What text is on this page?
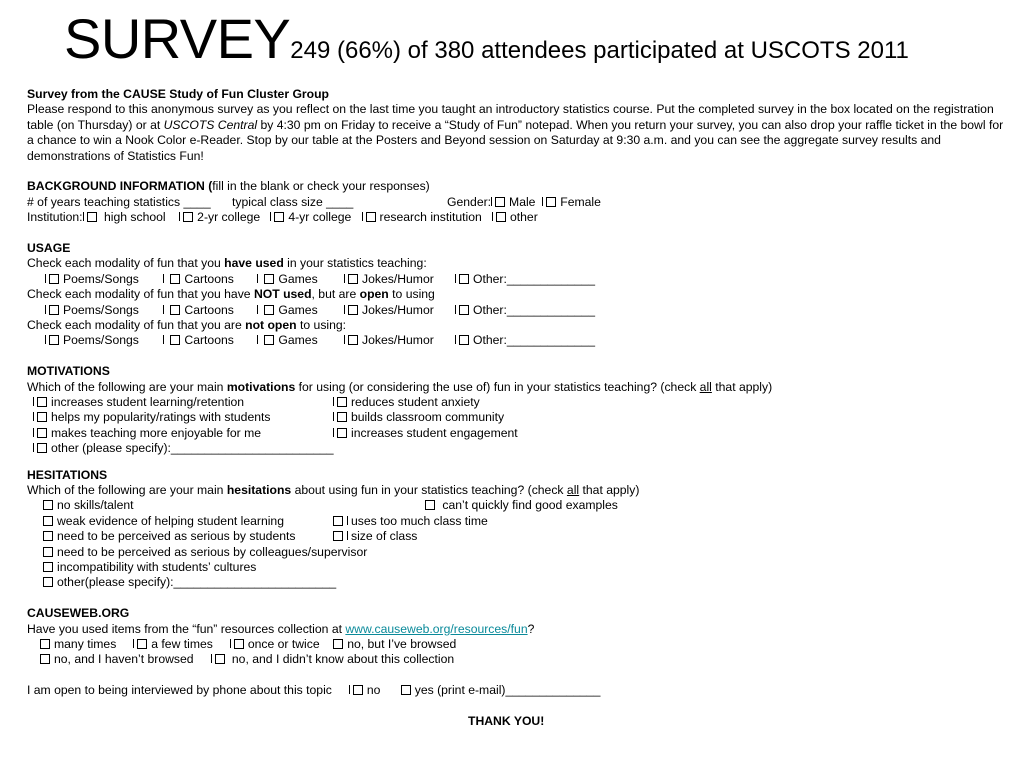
SURVEY249 (66%) of 380 attendees participated at USCOTS 2011
Survey from the CAUSE Study of Fun Cluster Group
Please respond to this anonymous survey as you reflect on the last time you taught an introductory statistics course. Put the completed survey in the box located on the registration table (on Thursday) or at USCOTS Central by 4:30 pm on Friday to receive a “Study of Fun” notepad. When you return your survey, you can also drop your raffle ticket in the bowl for a chance to win a Nook Color e-Reader. Stop by our table at the Posters and Beyond session on Saturday at 9:30 a.m. and you can see the aggregate survey results and demonstrations of Statistics Fun!
BACKGROUND INFORMATION (fill in the blank or check your responses)
# of years teaching statistics ____ typical class size ____	Gender: Male Female
Institution: high school	2-yr college 4-yr college research institution other
USAGE
Check each modality of fun that you have used in your statistics teaching:
Poems/Songs	Cartoons	Games	Jokes/Humor	Other:_____________
Check each modality of fun that you have NOT used, but are open to using
Poems/Songs	Cartoons	Games	Jokes/Humor	Other:_____________
Check each modality of fun that you are not open to using:
Poems/Songs	Cartoons	Games	Jokes/Humor	Other:_____________
MOTIVATIONS
Which of the following are your main motivations for using (or considering the use of) fun in your statistics teaching? (check all that apply)
increases student learning/retention	reduces student anxiety
helps my popularity/ratings with students	builds classroom community
makes teaching more enjoyable for me	increases student engagement
other (please specify):________________________
HESITATIONS
Which of the following are your main hesitations about using fun in your statistics teaching? (check all that apply)
no skills/talent	can’t quickly find good examples
weak evidence of helping student learning	uses too much class time
need to be perceived as serious by students	size of class
need to be perceived as serious by colleagues/supervisor
incompatibility with students’ cultures
other(please specify):________________________
CAUSEWEB.ORG
Have you used items from the “fun” resources collection at www.causeweb.org/resources/fun?
many times	a few times	once or twice no, but I’ve browsed
no, and I haven’t browsed	no, and I didn’t know about this collection
I am open to being interviewed by phone about this topic	no	yes (print e-mail)______________
THANK YOU!
